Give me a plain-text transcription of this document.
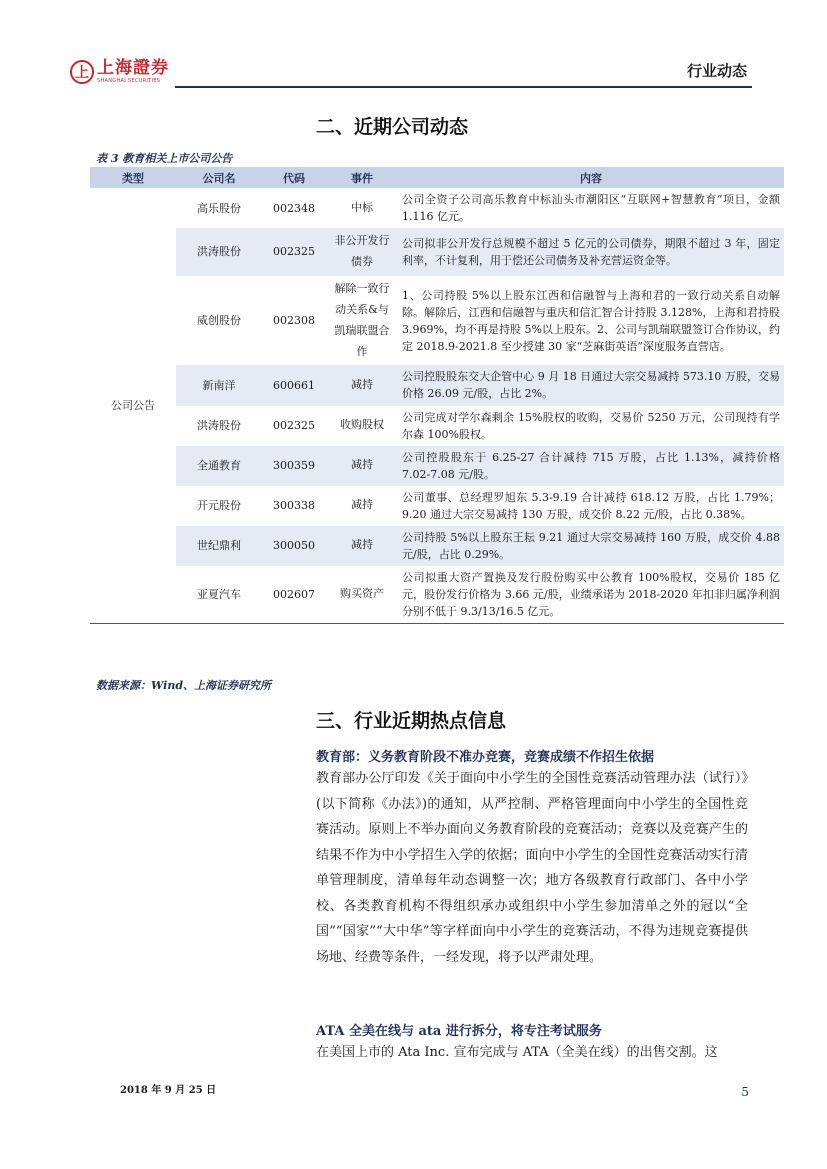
上 上海證券
SHANGHAI SECURITIES
行业动态
二、近期公司动态
表 3 教育相关上市公司公告
类型	公司名	代码	事件	内容
公司公告	高乐股份	002348	中标	公司全资子公司高乐教育中标汕头市潮阳区“互联网+智慧教育”项目，金额 1.116 亿元。
	洪涛股份	002325	非公开发行债券	公司拟非公开发行总规模不超过 5 亿元的公司债券，期限不超过 3 年，固定利率，不计复利，用于偿还公司债务及补充营运资金等。
	威创股份	002308	解除一致行动关系&与凯瑞联盟合作	1、公司持股 5%以上股东江西和信融智与上海和君的一致行动关系自动解除。解除后，江西和信融智与重庆和信汇智合计持股 3.128%，上海和君持股 3.969%，均不再是持股 5%以上股东。2、公司与凯瑞联盟签订合作协议，约定 2018.9-2021.8 至少授建 30 家“芝麻街英语”深度服务直营店。
	新南洋	600661	减持	公司控股股东交大企管中心 9 月 18 日通过大宗交易减持 573.10 万股，交易价格 26.09 元/股，占比 2%。
	洪涛股份	002325	收购股权	公司完成对学尔森剩余 15%股权的收购，交易价 5250 万元，公司现持有学尔森 100%股权。
	全通教育	300359	减持	公司控股股东于 6.25-27 合计减持 715 万股，占比 1.13%，减持价格 7.02-7.08 元/股。
	开元股份	300338	减持	公司董事、总经理罗旭东 5.3-9.19 合计减持 618.12 万股，占比 1.79%；9.20 通过大宗交易减持 130 万股，成交价 8.22 元/股，占比 0.38%。
	世纪鼎利	300050	减持	公司持股 5%以上股东王耘 9.21 通过大宗交易减持 160 万股，成交价 4.88 元/股，占比 0.29%。
	亚夏汽车	002607	购买资产	公司拟重大资产置换及发行股份购买中公教育 100%股权，交易价 185 亿元，股份发行价格为 3.66 元/股，业绩承诺为 2018-2020 年扣非归属净利润分别不低于 9.3/13/16.5 亿元。
数据来源：Wind、上海证券研究所
三、行业近期热点信息
教育部：义务教育阶段不准办竞赛，竞赛成绩不作招生依据
教育部办公厅印发《关于面向中小学生的全国性竞赛活动管理办法（试行）》(以下简称《办法》)的通知，从严控制、严格管理面向中小学生的全国性竞赛活动。原则上不举办面向义务教育阶段的竞赛活动；竞赛以及竞赛产生的结果不作为中小学招生入学的依据；面向中小学生的全国性竞赛活动实行清单管理制度，清单每年动态调整一次；地方各级教育行政部门、各中小学校、各类教育机构不得组织承办或组织中小学生参加清单之外的冠以“全国”“国家”“大中华”等字样面向中小学生的竞赛活动，不得为违规竞赛提供场地、经费等条件，一经发现，将予以严肃处理。
ATA 全美在线与 ata 进行拆分，将专注考试服务
在美国上市的 Ata Inc. 宣布完成与 ATA（全美在线）的出售交割。这
2018 年 9 月 25 日	5
